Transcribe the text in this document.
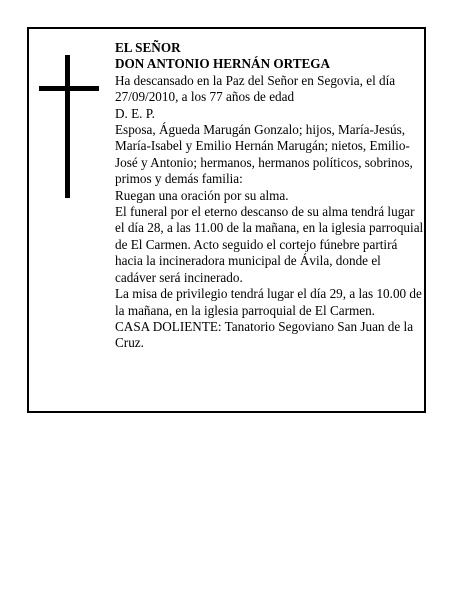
EL SEÑOR

DON ANTONIO HERNÁN ORTEGA

Ha descansado en la Paz del Señor en Segovia, el día 27/09/2010, a los 77 años de edad

D. E. P.

Esposa, Águeda Marugán Gonzalo; hijos, María-Jesús, María-Isabel y Emilio Hernán Marugán; nietos, Emilio-José y Antonio; hermanos, hermanos políticos, sobrinos, primos y demás familia:

Ruegan una oración por su alma.

El funeral por el eterno descanso de su alma tendrá lugar el día 28, a las 11.00 de la mañana, en la iglesia parroquial de El Carmen. Acto seguido el cortejo fúnebre partirá hacia la incineradora municipal de Ávila, donde el cadáver será incinerado.

La misa de privilegio tendrá lugar el día 29, a las 10.00 de la mañana, en la iglesia parroquial de El Carmen.

CASA DOLIENTE: Tanatorio Segoviano San Juan de la Cruz.
